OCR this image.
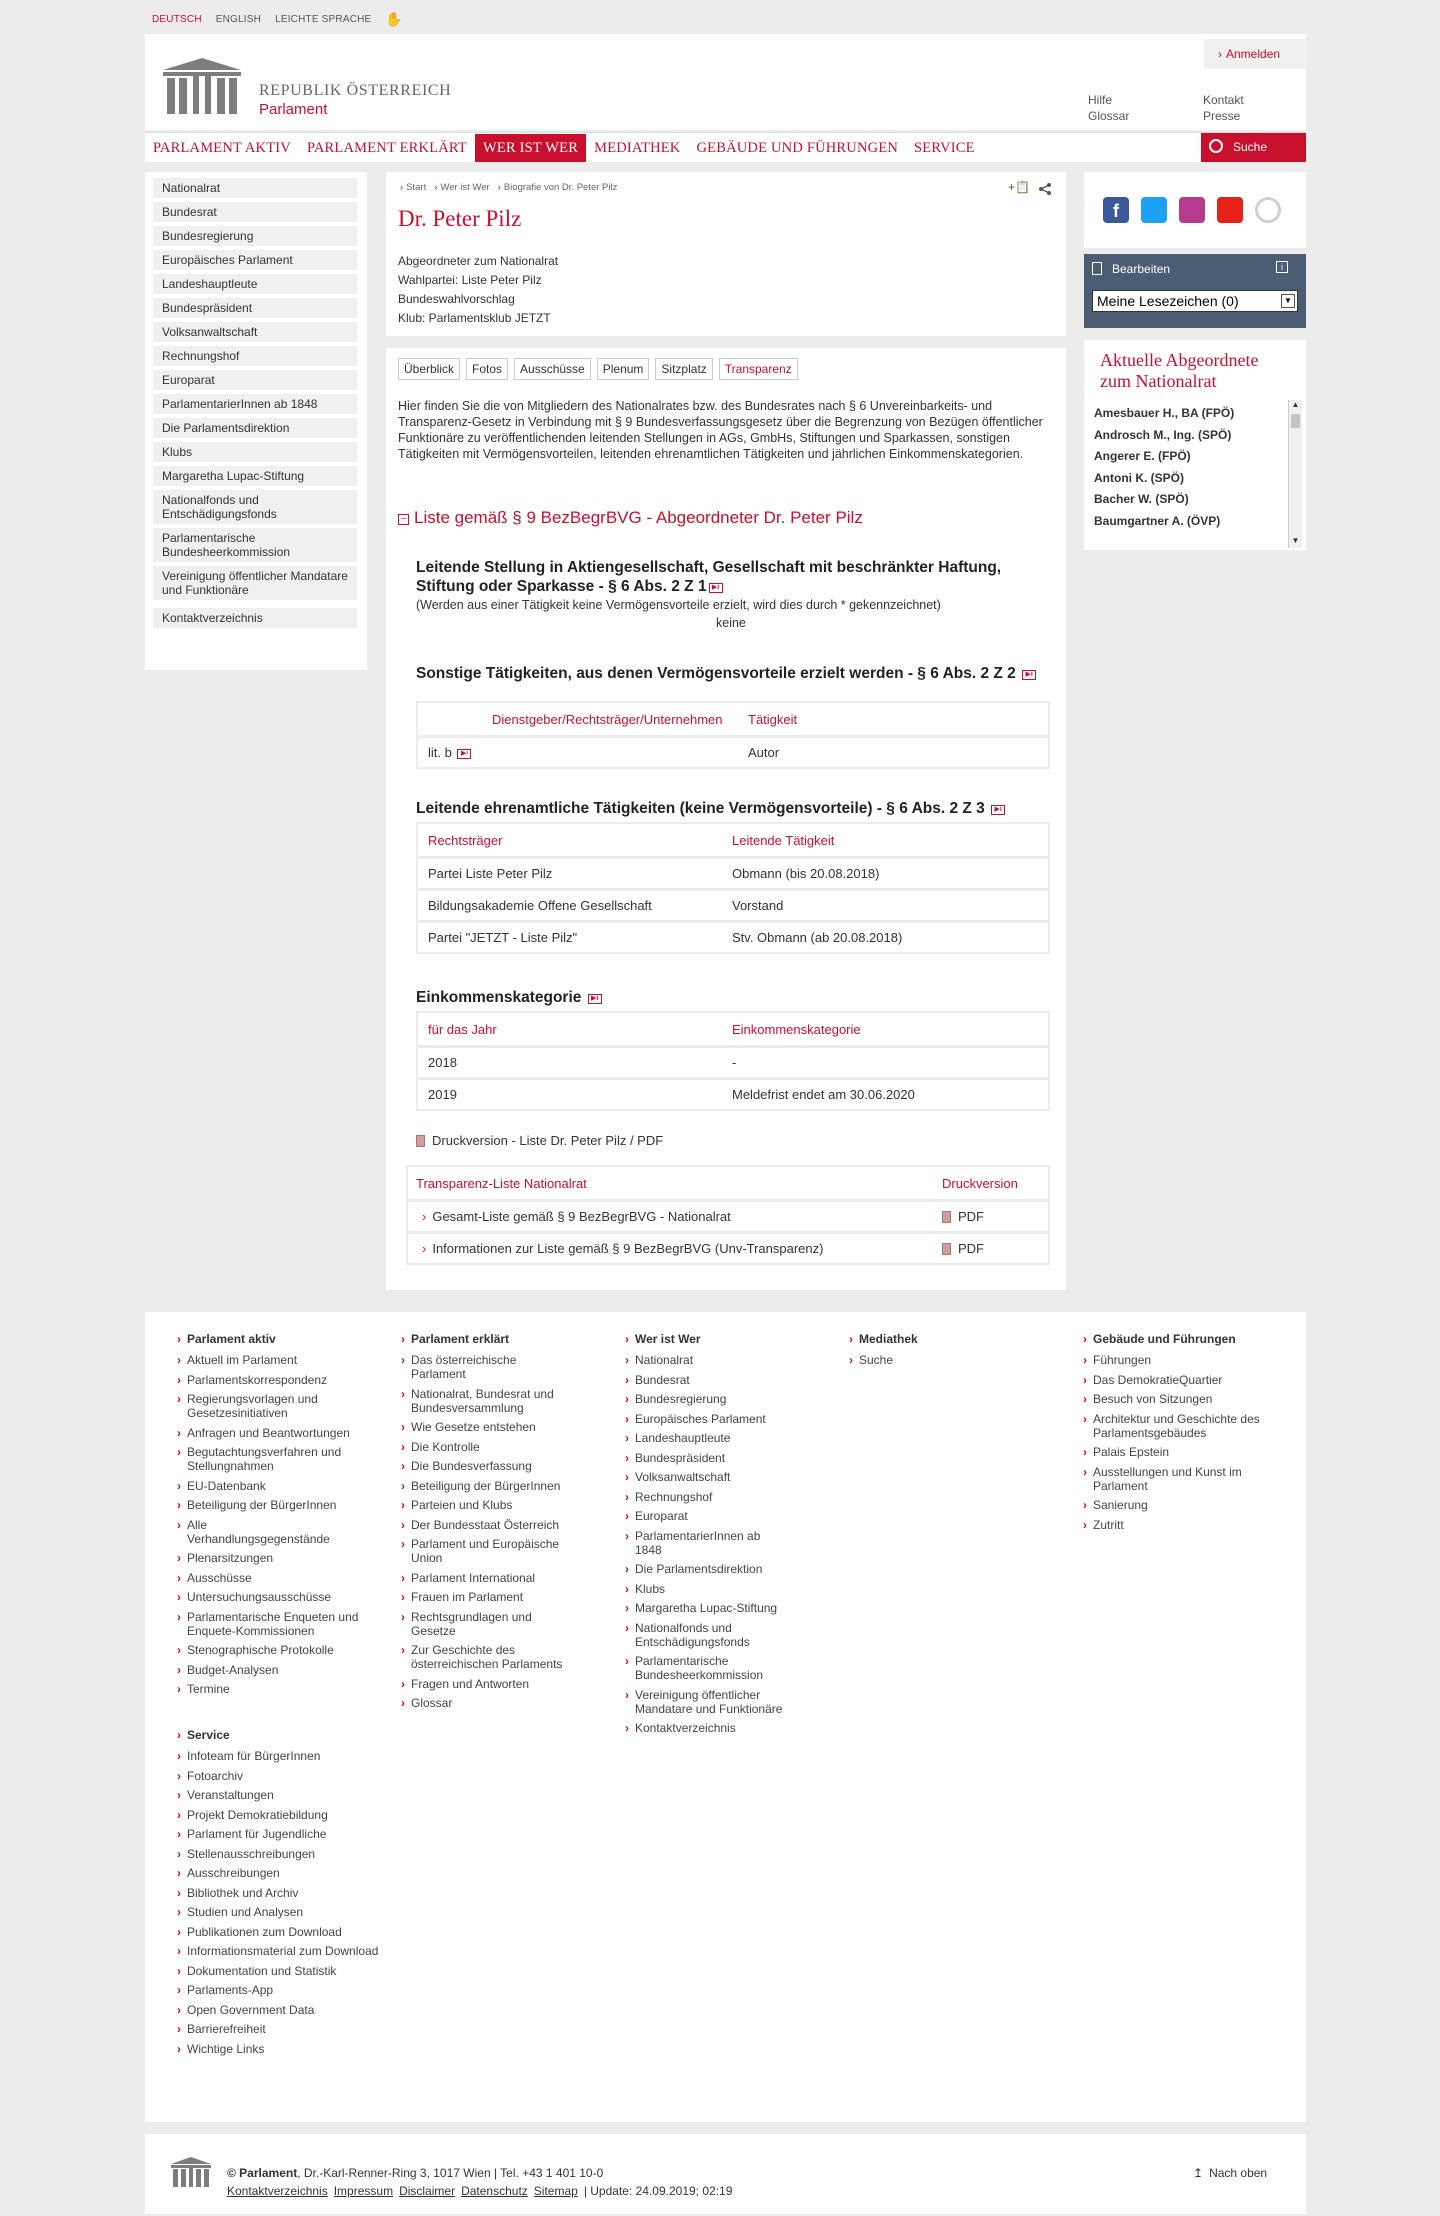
DEUTSCH ENGLISH LEICHTE SPRACHE ✋
REPUBLIK ÖSTERREICH
Parlament
› Anmelden
Hilfe
Glossar
Kontakt
Presse
PARLAMENT AKTIV	PARLAMENT ERKLÄRT	WER IST WER	MEDIATHEK	GEBÄUDE UND FÜHRUNGEN	SERVICE	Suche
Nationalrat
Bundesrat
Bundesregierung
Europäisches Parlament
Landeshauptleute
Bundespräsident
Volksanwaltschaft
Rechnungshof
Europarat
ParlamentarierInnen ab 1848
Die Parlamentsdirektion
Klubs
Margaretha Lupac-Stiftung
Nationalfonds und Entschädigungsfonds
Parlamentarische Bundesheerkommission
Vereinigung öffentlicher Mandatare und Funktionäre
Kontaktverzeichnis
› Start	› Wer ist Wer	› Biografie von Dr. Peter Pilz	+📋
Dr. Peter Pilz
Abgeordneter zum Nationalrat
Wahlpartei: Liste Peter Pilz
Bundeswahlvorschlag
Klub: Parlamentsklub JETZT
Überblick	Fotos	Ausschüsse	Plenum	Sitzplatz	Transparenz
Hier finden Sie die von Mitgliedern des Nationalrates bzw. des Bundesrates nach § 6 Unvereinbarkeits- und Transparenz-Gesetz in Verbindung mit § 9 Bundesverfassungsgesetz über die Begrenzung von Bezügen öffentlicher Funktionäre zu veröffentlichenden leitenden Stellungen in AGs, GmbHs, Stiftungen und Sparkassen, sonstigen Tätigkeiten mit Vermögensvorteilen, leitenden ehrenamtlichen Tätigkeiten und jährlichen Einkommenskategorien.
– Liste gemäß § 9 BezBegrBVG - Abgeordneter Dr. Peter Pilz
Leitende Stellung in Aktiengesellschaft, Gesellschaft mit beschränkter Haftung, Stiftung oder Sparkasse - § 6 Abs. 2 Z 1 ▶i
(Werden aus einer Tätigkeit keine Vermögensvorteile erzielt, wird dies durch * gekennzeichnet)
keine
Sonstige Tätigkeiten, aus denen Vermögensvorteile erzielt werden - § 6 Abs. 2 Z 2 ▶i
Dienstgeber/Rechtsträger/Unternehmen	Tätigkeit
lit. b ▶i	Autor
Leitende ehrenamtliche Tätigkeiten (keine Vermögensvorteile) - § 6 Abs. 2 Z 3 ▶i
Rechtsträger	Leitende Tätigkeit
Partei Liste Peter Pilz	Obmann (bis 20.08.2018)
Bildungsakademie Offene Gesellschaft	Vorstand
Partei "JETZT - Liste Pilz"	Stv. Obmann (ab 20.08.2018)
Einkommenskategorie ▶i
für das Jahr	Einkommenskategorie
2018	-
2019	Meldefrist endet am 30.06.2020
Druckversion - Liste Dr. Peter Pilz / PDF
Transparenz-Liste Nationalrat	Druckversion
› Gesamt-Liste gemäß § 9 BezBegrBVG - Nationalrat	PDF
› Informationen zur Liste gemäß § 9 BezBegrBVG (Unv-Transparenz)	PDF
f
Bearbeiten	i
Meine Lesezeichen (0)	▼
Aktuelle Abgeordnete zum Nationalrat
Amesbauer H., BA (FPÖ)
Androsch M., Ing. (SPÖ)
Angerer E. (FPÖ)
Antoni K. (SPÖ)
Bacher W. (SPÖ)
Baumgartner A. (ÖVP)
▲
▼
› Parlament aktiv
› Aktuell im Parlament
› Parlamentskorrespondenz
› Regierungsvorlagen und Gesetzesinitiativen
› Anfragen und Beantwortungen
› Begutachtungsverfahren und Stellungnahmen
› EU-Datenbank
› Beteiligung der BürgerInnen
› Alle Verhandlungsgegenstände
› Plenarsitzungen
› Ausschüsse
› Untersuchungsausschüsse
› Parlamentarische Enqueten und Enquete-Kommissionen
› Stenographische Protokolle
› Budget-Analysen
› Termine
› Service
› Infoteam für BürgerInnen
› Fotoarchiv
› Veranstaltungen
› Projekt Demokratiebildung
› Parlament für Jugendliche
› Stellenausschreibungen
› Ausschreibungen
› Bibliothek und Archiv
› Studien und Analysen
› Publikationen zum Download
› Informationsmaterial zum Download
› Dokumentation und Statistik
› Parlaments-App
› Open Government Data
› Barrierefreiheit
› Wichtige Links
› Parlament erklärt
› Das österreichische Parlament
› Nationalrat, Bundesrat und Bundesversammlung
› Wie Gesetze entstehen
› Die Kontrolle
› Die Bundesverfassung
› Beteiligung der BürgerInnen
› Parteien und Klubs
› Der Bundesstaat Österreich
› Parlament und Europäische Union
› Parlament International
› Frauen im Parlament
› Rechtsgrundlagen und Gesetze
› Zur Geschichte des österreichischen Parlaments
› Fragen und Antworten
› Glossar
› Wer ist Wer
› Nationalrat
› Bundesrat
› Bundesregierung
› Europäisches Parlament
› Landeshauptleute
› Bundespräsident
› Volksanwaltschaft
› Rechnungshof
› Europarat
› ParlamentarierInnen ab 1848
› Die Parlamentsdirektion
› Klubs
› Margaretha Lupac-Stiftung
› Nationalfonds und Entschädigungsfonds
› Parlamentarische Bundesheerkommission
› Vereinigung öffentlicher Mandatare und Funktionäre
› Kontaktverzeichnis
› Mediathek
› Suche
› Gebäude und Führungen
› Führungen
› Das DemokratieQuartier
› Besuch von Sitzungen
› Architektur und Geschichte des Parlamentsgebäudes
› Palais Epstein
› Ausstellungen und Kunst im Parlament
› Sanierung
› Zutritt
© Parlament, Dr.-Karl-Renner-Ring 3, 1017 Wien | Tel. +43 1 401 10-0
Kontaktverzeichnis Impressum Disclaimer Datenschutz Sitemap | Update: 24.09.2019; 02:19
↥ Nach oben
